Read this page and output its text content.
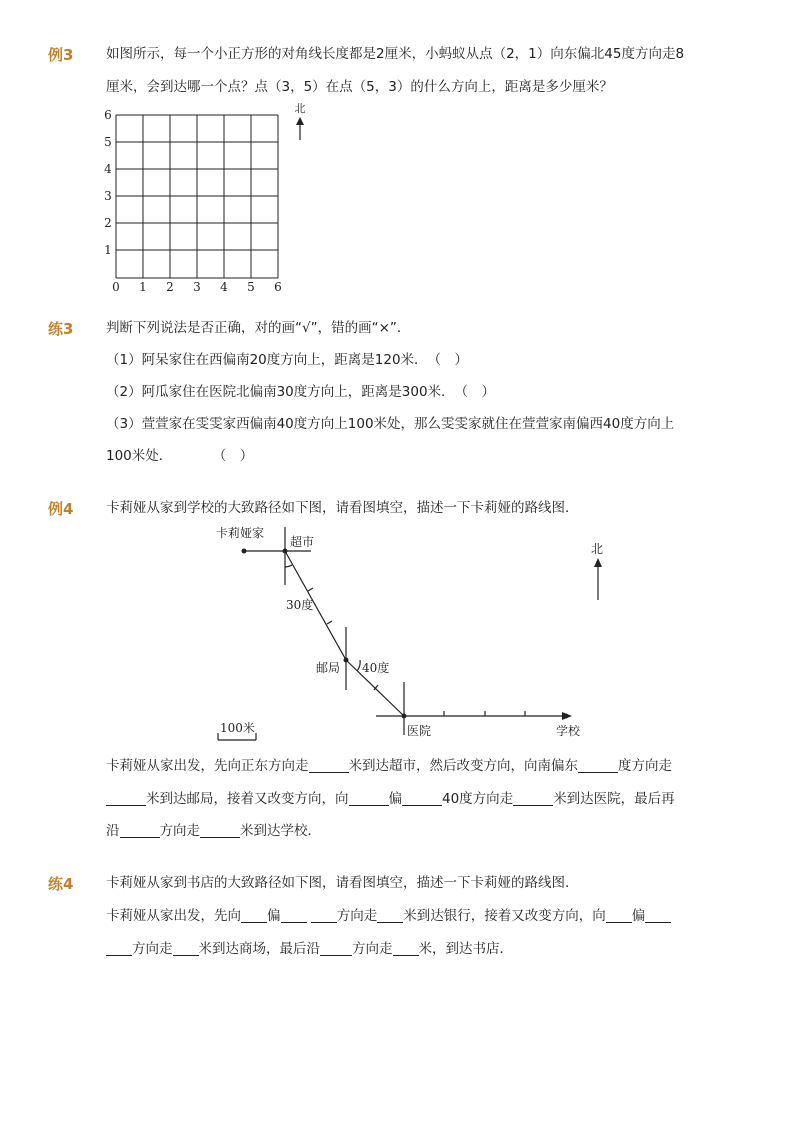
例3 如图所示，每一个小正方形的对角线长度都是2厘米，小蚂蚁从点（2，1）向东偏北45度方向走8
厘米，会到达哪一个点？点（3，5）在点（5，3）的什么方向上，距离是多少厘米？
0 1 2 3 4 5 6
1
2
3
4
5
6	北
练3 判断下列说法是否正确，对的画“√”，错的画“×”．
（1）阿呆家住在西偏南20度方向上，距离是120米．　（　）
（2）阿瓜家住在医院北偏南30度方向上，距离是300米．　（　）
（3）萱萱家在雯雯家西偏南40度方向上100米处，那么雯雯家就住在萱萱家南偏西40度方向上
100米处．　　　　（　）
例4 卡莉娅从家到学校的大致路径如下图，请看图填空，描述一下卡莉娅的路线图．
卡莉娅家
超市
30度
邮局 40度
医院	学校
100米
北
卡莉娅从家出发，先向正东方向走	米到达超市，然后改变方向，向南偏东	度方向走
米到达邮局，接着又改变方向，向	偏	40度方向走	米到达医院，最后再
沿	方向走	米到达学校．
练4 卡莉娅从家到书店的大致路径如下图，请看图填空，描述一下卡莉娅的路线图．
卡莉娅从家出发，先向 偏	方向走 米到达银行，接着又改变方向，向 偏
方向走 米到达商场，最后沿 方向走 米，到达书店．
